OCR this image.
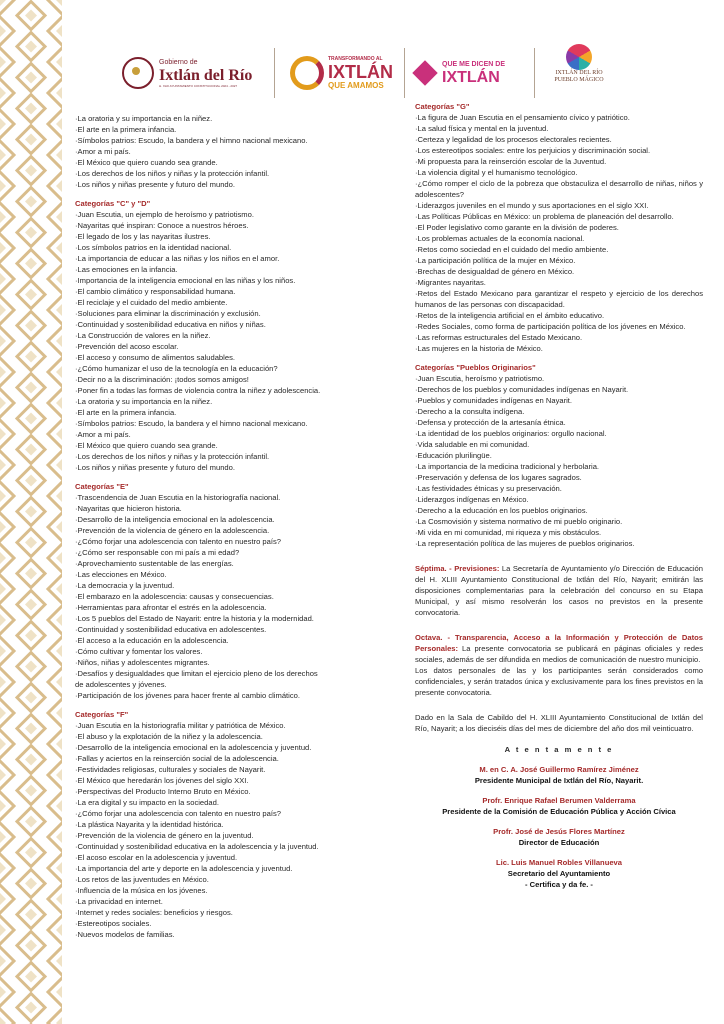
Gobierno de
Ixtlán del Río
H. XLIII AYUNTAMIENTO CONSTITUCIONAL 2024 - 2027
TRANSFORMANDO AL
IXTLÁN
QUE AMAMOS
QUE ME DICEN DE
IXTLÁN	IXTLÁN DEL RÍO
PUEBLO MÁGICO
·La oratoria y su importancia en la niñez.
·El arte en la primera infancia.
·Símbolos patrios: Escudo, la bandera y el himno nacional mexicano.
·Amor a mi país.
·El México que quiero cuando sea grande.
·Los derechos de los niños y niñas y la protección infantil.
·Los niños y niñas presente y futuro del mundo.
Categorías "C" y "D"
·Juan Escutia, un ejemplo de heroísmo y patriotismo.
·Nayaritas qué inspiran: Conoce a nuestros héroes.
·El legado de los y las nayaritas ilustres.
·Los símbolos patrios en la identidad nacional.
·La importancia de educar a las niñas y los niños en el amor.
·Las emociones en la infancia.
·Importancia de la inteligencia emocional en las niñas y los niños.
·El cambio climático y responsabilidad humana.
·El reciclaje y el cuidado del medio ambiente.
·Soluciones para eliminar la discriminación y exclusión.
·Continuidad y sostenibilidad educativa en niños y niñas.
·La Construcción de valores en la niñez.
·Prevención del acoso escolar.
·El acceso y consumo de alimentos saludables.
·¿Cómo humanizar el uso de la tecnología en la educación?
·Decir no a la discriminación: ¡todos somos amigos!
·Poner fin a todas las formas de violencia contra la niñez y adolescencia.
·La oratoria y su importancia en la niñez.
·El arte en la primera infancia.
·Símbolos patrios: Escudo, la bandera y el himno nacional mexicano.
·Amor a mi país.
·El México que quiero cuando sea grande.
·Los derechos de los niños y niñas y la protección infantil.
·Los niños y niñas presente y futuro del mundo.
Categorías "E"
·Trascendencia de Juan Escutia en la historiografía nacional.
·Nayaritas que hicieron historia.
·Desarrollo de la inteligencia emocional en la adolescencia.
·Prevención de la violencia de género en la adolescencia.
·¿Cómo forjar una adolescencia con talento en nuestro país?
·¿Cómo ser responsable con mi país a mi edad?
·Aprovechamiento sustentable de las energías.
·Las elecciones en México.
·La democracia y la juventud.
·El embarazo en la adolescencia: causas y consecuencias.
·Herramientas para afrontar el estrés en la adolescencia.
·Los 5 pueblos del Estado de Nayarit: entre la historia y la modernidad.
·Continuidad y sostenibilidad educativa en adolescentes.
·El acceso a la educación en la adolescencia.
·Cómo cultivar y fomentar los valores.
·Niños, niñas y adolescentes migrantes.
·Desafíos y desigualdades que limitan el ejercicio pleno de los derechos
de adolescentes y jóvenes.
·Participación de los jóvenes para hacer frente al cambio climático.
Categorías "F"
·Juan Escutia en la historiografía militar y patriótica de México.
·El abuso y la explotación de la niñez y la adolescencia.
·Desarrollo de la inteligencia emocional en la adolescencia y juventud.
·Fallas y aciertos en la reinserción social de la adolescencia.
·Festividades religiosas, culturales y sociales de Nayarit.
·El México que heredarán los jóvenes del siglo XXI.
·Perspectivas del Producto Interno Bruto en México.
·La era digital y su impacto en la sociedad.
·¿Cómo forjar una adolescencia con talento en nuestro país?
·La plástica Nayarita y la identidad histórica.
·Prevención de la violencia de género en la juventud.
·Continuidad y sostenibilidad educativa en la adolescencia y la juventud.
·El acoso escolar en la adolescencia y juventud.
·La importancia del arte y deporte en la adolescencia y juventud.
·Los retos de las juventudes en México.
·Influencia de la música en los jóvenes.
·La privacidad en internet.
·Internet y redes sociales: beneficios y riesgos.
·Estereotipos sociales.
·Nuevos modelos de familias.
Categorías "G"
·La figura de Juan Escutia en el pensamiento cívico y patriótico.
·La salud física y mental en la juventud.
·Certeza y legalidad de los procesos electorales recientes.
·Los estereotipos sociales: entre los perjuicios y discriminación social.
·Mi propuesta para la reinserción escolar de la Juventud.
·La violencia digital y el humanismo tecnológico.
·¿Cómo romper el ciclo de la pobreza que obstaculiza el desarrollo de niñas, niños y adolescentes?
·Liderazgos juveniles en el mundo y sus aportaciones en el siglo XXI.
·Las Políticas Públicas en México: un problema de planeación del desarrollo.
·El Poder legislativo como garante en la división de poderes.
·Los problemas actuales de la economía nacional.
·Retos como sociedad en el cuidado del medio ambiente.
·La participación política de la mujer en México.
·Brechas de desigualdad de género en México.
·Migrantes nayaritas.
·Retos del Estado Mexicano para garantizar el respeto y ejercicio de los derechos humanos de las personas con discapacidad.
·Retos de la inteligencia artificial en el ámbito educativo.
·Redes Sociales, como forma de participación política de los jóvenes en México.
·Las reformas estructurales del Estado Mexicano.
·Las mujeres en la historia de México.
Categorías "Pueblos Originarios"
·Juan Escutia, heroísmo y patriotismo.
·Derechos de los pueblos y comunidades indígenas en Nayarit.
·Pueblos y comunidades indígenas en Nayarit.
·Derecho a la consulta indígena.
·Defensa y protección de la artesanía étnica.
·La identidad de los pueblos originarios: orgullo nacional.
·Vida saludable en mi comunidad.
·Educación plurilingüe.
·La importancia de la medicina tradicional y herbolaria.
·Preservación y defensa de los lugares sagrados.
·Las festividades étnicas y su preservación.
·Liderazgos indígenas en México.
·Derecho a la educación en los pueblos originarios.
·La Cosmovisión y sistema normativo de mi pueblo originario.
·Mi vida en mi comunidad, mi riqueza y mis obstáculos.
·La representación política de las mujeres de pueblos originarios.
Séptima. - Previsiones: La Secretaría de Ayuntamiento y/o Dirección de Educación del H. XLIII Ayuntamiento Constitucional de Ixtlán del Río, Nayarit; emitirán las disposiciones complementarias para la celebración del concurso en su Etapa Municipal, y así mismo resolverán los casos no previstos en la presente convocatoria.
Octava. - Transparencia, Acceso a la Información y Protección de Datos Personales: La presente convocatoria se publicará en páginas oficiales y redes sociales, además de ser difundida en medios de comunicación de nuestro municipio.
Los datos personales de las y los participantes serán considerados como confidenciales, y serán tratados única y exclusivamente para los fines previstos en la presente convocatoria.
Dado en la Sala de Cabildo del H. XLIII Ayuntamiento Constitucional de Ixtlán del Río, Nayarit; a los dieciséis días del mes de diciembre del año dos mil veinticuatro.
A t e n t a m e n t e
M. en C. A. José Guillermo Ramírez Jiménez
Presidente Municipal de Ixtlán del Río, Nayarit.
Profr. Enrique Rafael Berumen Valderrama
Presidente de la Comisión de Educación Pública y Acción Cívica
Profr. José de Jesús Flores Martínez
Director de Educación
Lic. Luis Manuel Robles Villanueva
Secretario del Ayuntamiento
- Certifica y da fe. -
